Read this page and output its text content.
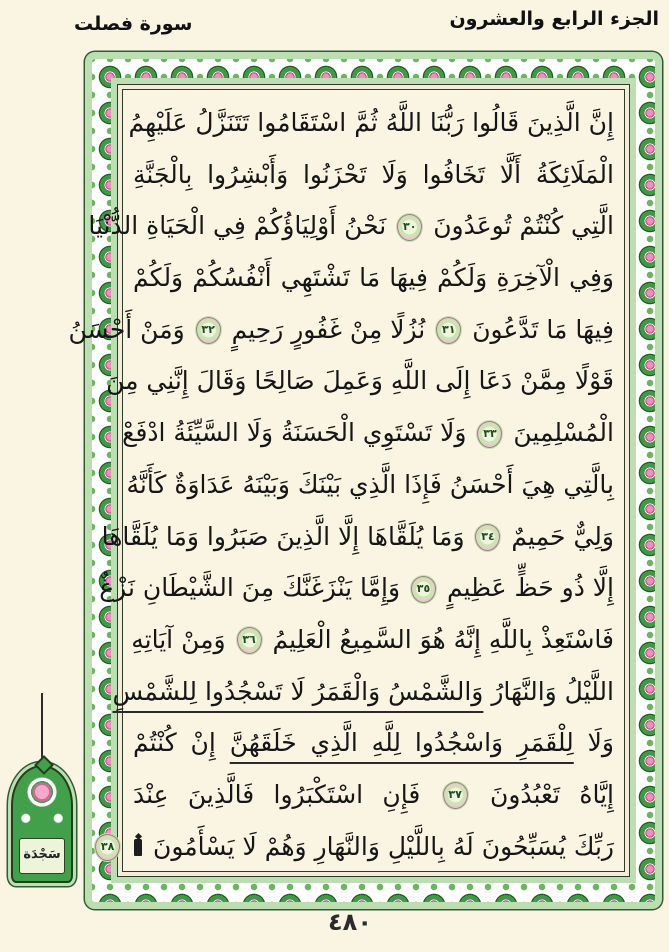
الجزء الرابع والعشرون
سورة فصلت
إِنَّ الَّذِينَ قَالُوا رَبُّنَا اللَّهُ ثُمَّ اسْتَقَامُوا تَتَنَزَّلُ عَلَيْهِمُ
الْمَلَائِكَةُ أَلَّا تَخَافُوا وَلَا تَحْزَنُوا وَأَبْشِرُوا بِالْجَنَّةِ
الَّتِي كُنْتُمْ تُوعَدُونَ ٣٠ نَحْنُ أَوْلِيَاؤُكُمْ فِي الْحَيَاةِ الدُّنْيَا
وَفِي الْآخِرَةِ وَلَكُمْ فِيهَا مَا تَشْتَهِي أَنْفُسُكُمْ وَلَكُمْ
فِيهَا مَا تَدَّعُونَ ٣١ نُزُلًا مِنْ غَفُورٍ رَحِيمٍ ٣٢ وَمَنْ أَحْسَنُ
قَوْلًا مِمَّنْ دَعَا إِلَى اللَّهِ وَعَمِلَ صَالِحًا وَقَالَ إِنَّنِي مِنَ
الْمُسْلِمِينَ ٣٣ وَلَا تَسْتَوِي الْحَسَنَةُ وَلَا السَّيِّئَةُ ادْفَعْ
بِالَّتِي هِيَ أَحْسَنُ فَإِذَا الَّذِي بَيْنَكَ وَبَيْنَهُ عَدَاوَةٌ كَأَنَّهُ
وَلِيٌّ حَمِيمٌ ٣٤ وَمَا يُلَقَّاهَا إِلَّا الَّذِينَ صَبَرُوا وَمَا يُلَقَّاهَا
إِلَّا ذُو حَظٍّ عَظِيمٍ ٣٥ وَإِمَّا يَنْزَغَنَّكَ مِنَ الشَّيْطَانِ نَزْغٌ
فَاسْتَعِذْ بِاللَّهِ إِنَّهُ هُوَ السَّمِيعُ الْعَلِيمُ ٣٦ وَمِنْ آيَاتِهِ
اللَّيْلُ وَالنَّهَارُ وَالشَّمْسُ وَالْقَمَرُ لَا تَسْجُدُوا لِلشَّمْسِ
وَلَا لِلْقَمَرِ وَاسْجُدُوا لِلَّهِ الَّذِي خَلَقَهُنَّ إِنْ كُنْتُمْ
إِيَّاهُ تَعْبُدُونَ ٣٧ فَإِنِ اسْتَكْبَرُوا فَالَّذِينَ عِنْدَ
رَبِّكَ يُسَبِّحُونَ لَهُ بِاللَّيْلِ وَالنَّهَارِ وَهُمْ لَا يَسْأَمُونَ  ٣٨
سَجْدَة
٤٨٠
